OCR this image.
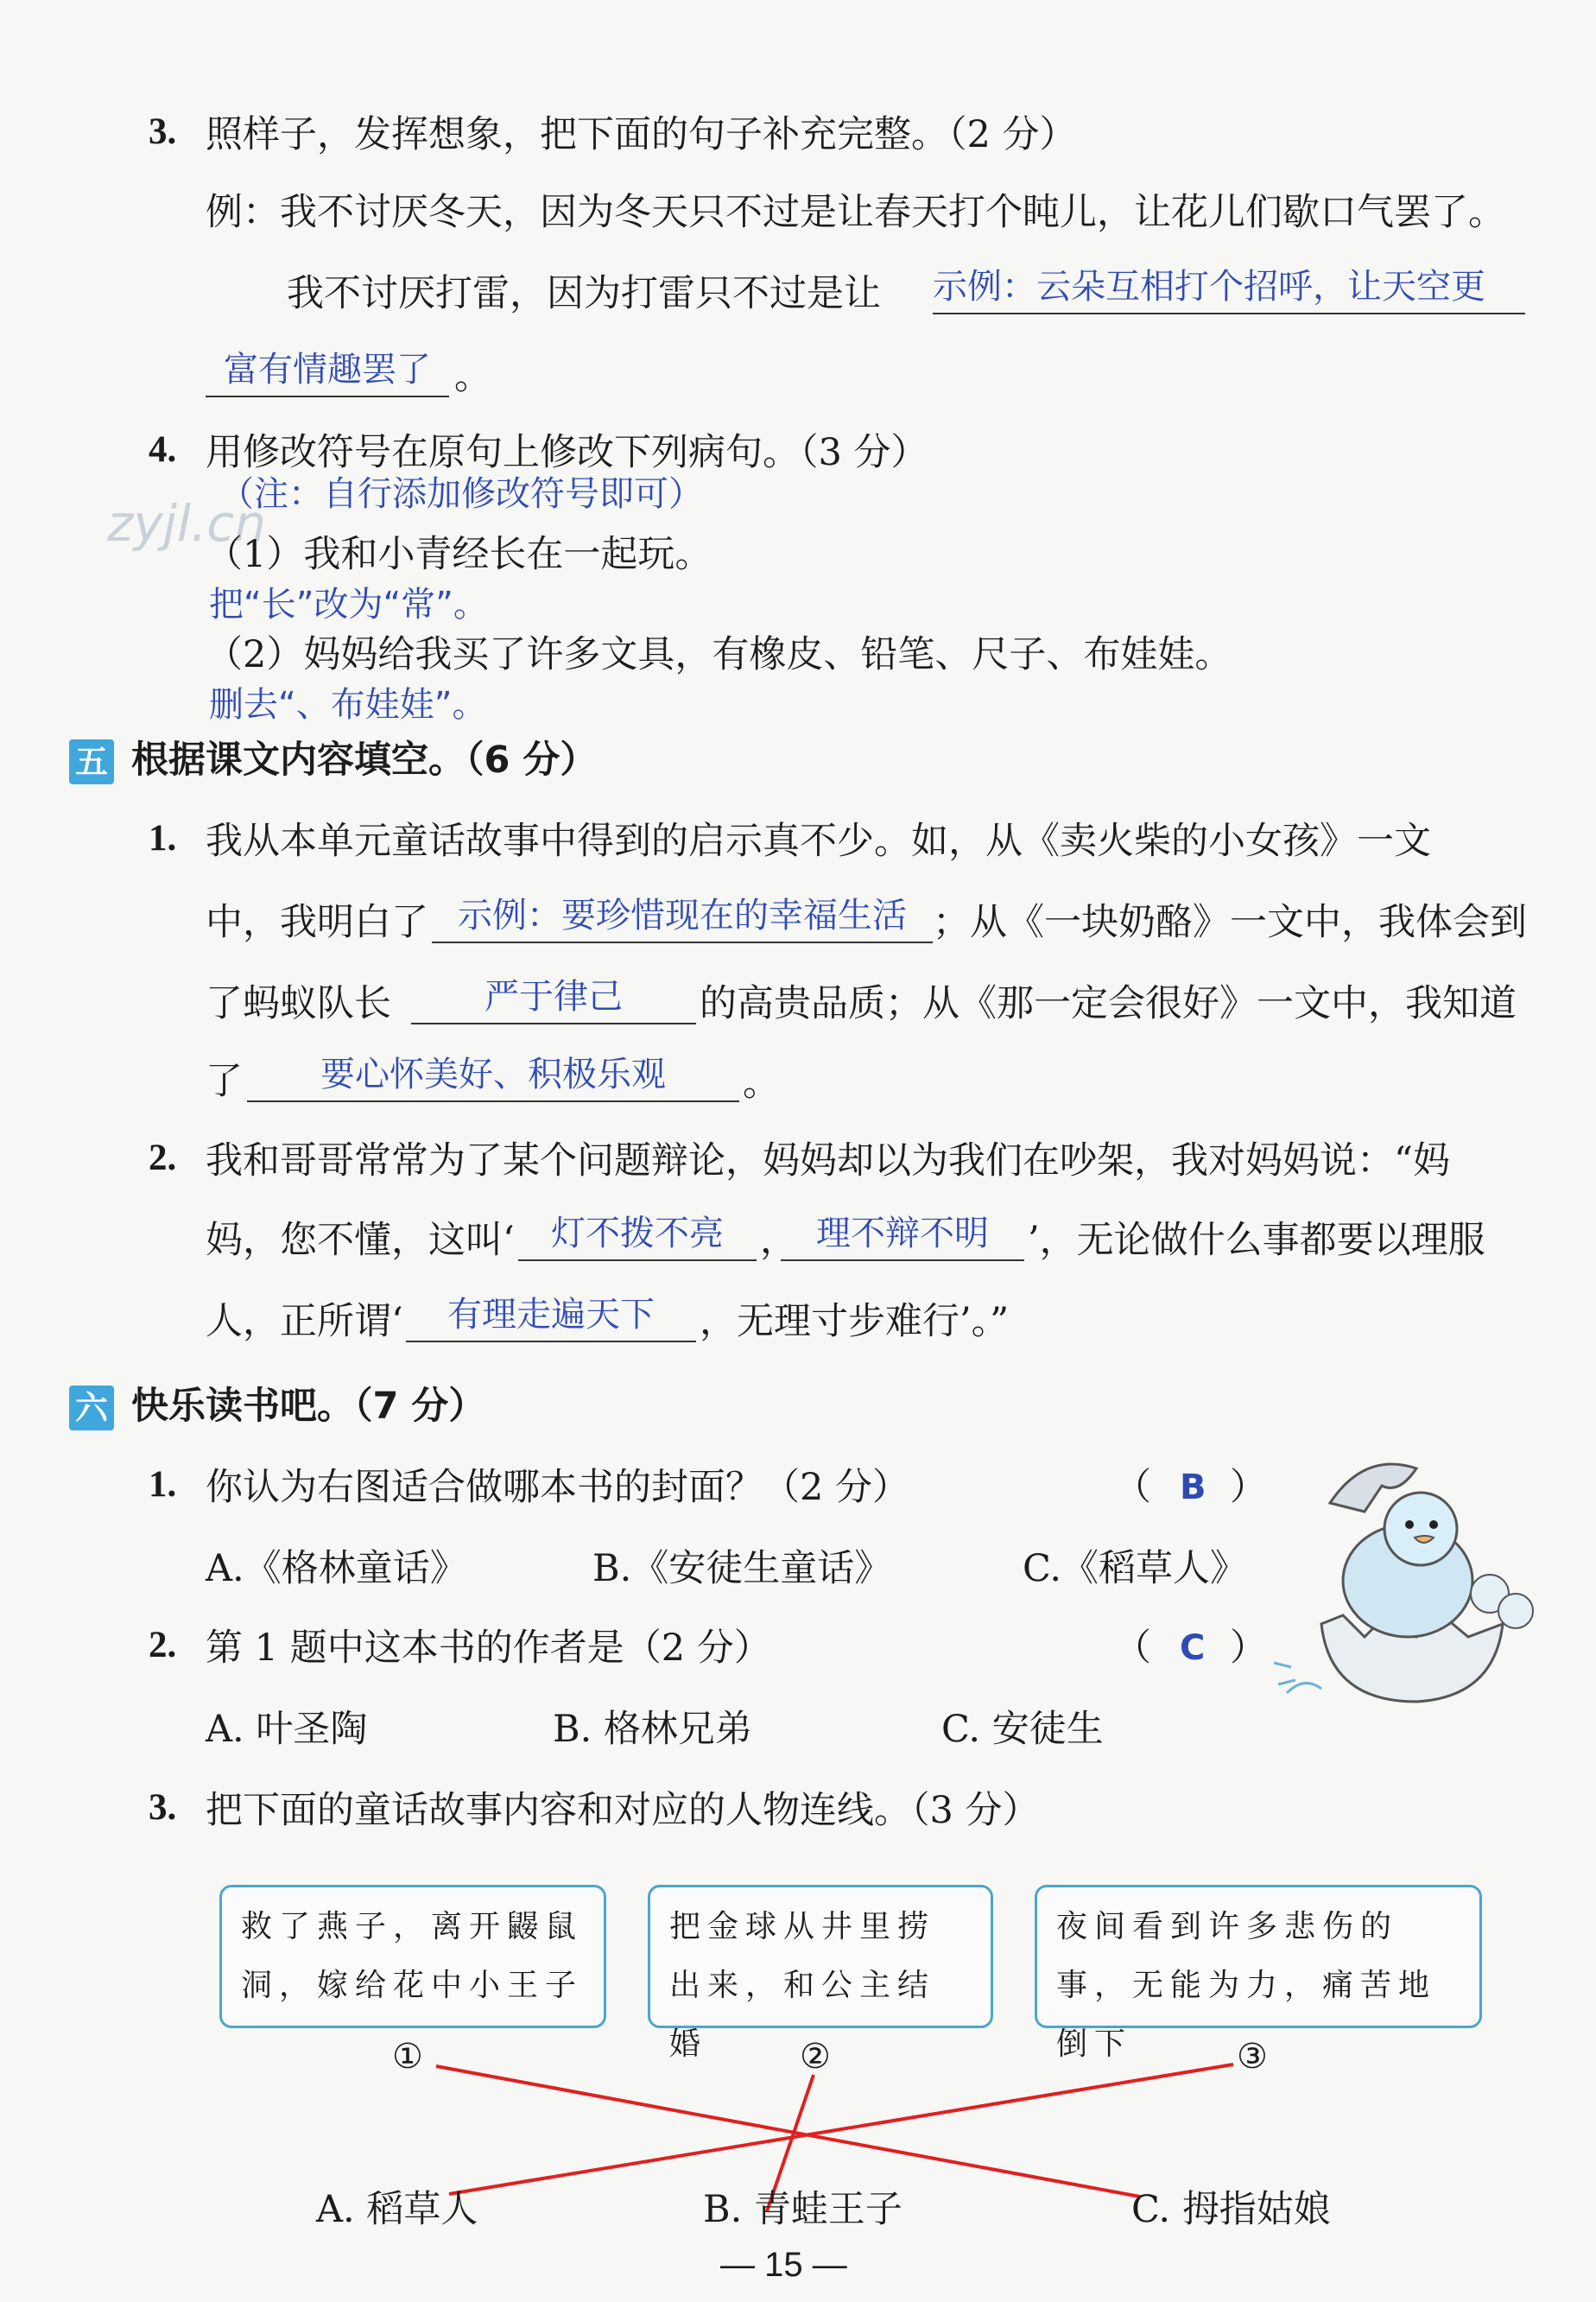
3. 照样子，发挥想象，把下面的句子补充完整。（2 分）
例：我不讨厌冬天，因为冬天只不过是让春天打个盹儿，让花儿们歇口气罢了。
我不讨厌打雷，因为打雷只不过是让 示例：云朵互相打个招呼，让天空更
富有情趣罢了 。
4. 用修改符号在原句上修改下列病句。（3 分）
（注：自行添加修改符号即可）
zyjl.cn
（1）我和小青经长在一起玩。
把“长”改为“常”。
（2）妈妈给我买了许多文具，有橡皮、铅笔、尺子、布娃娃。
删去“、布娃娃”。
五 根据课文内容填空。（6 分）
1. 我从本单元童话故事中得到的启示真不少。如，从《卖火柴的小女孩》一文
中，我明白了 示例：要珍惜现在的幸福生活 ；从《一块奶酪》一文中，我体会到
了蚂蚁队长	严于律己	的高贵品质；从《那一定会很好》一文中，我知道
了	要心怀美好、积极乐观	。
2. 我和哥哥常常为了某个问题辩论，妈妈却以为我们在吵架，我对妈妈说：“妈
妈，您不懂，这叫‘	灯不拨不亮 ， 理不辩不明	’，无论做什么事都要以理服
人，正所谓‘	有理走遍天下	，无理寸步难行’。”
六 快乐读书吧。（7 分）
1. 你认为右图适合做哪本书的封面？（2 分）	（ B ）
A.《格林童话》	B.《安徒生童话》	C.《稻草人》
2. 第 1 题中这本书的作者是（2 分）	（ C ）
A. 叶圣陶	B. 格林兄弟	C. 安徒生
3. 把下面的童话故事内容和对应的人物连线。（3 分）
救了燕子，离开鼹鼠洞，嫁给花中小王子
把金球从井里捞出来，和公主结婚
夜间看到许多悲伤的事，无能为力，痛苦地倒下
①	②	③
A. 稻草人	B. 青蛙王子	C. 拇指姑娘
— 15 —
